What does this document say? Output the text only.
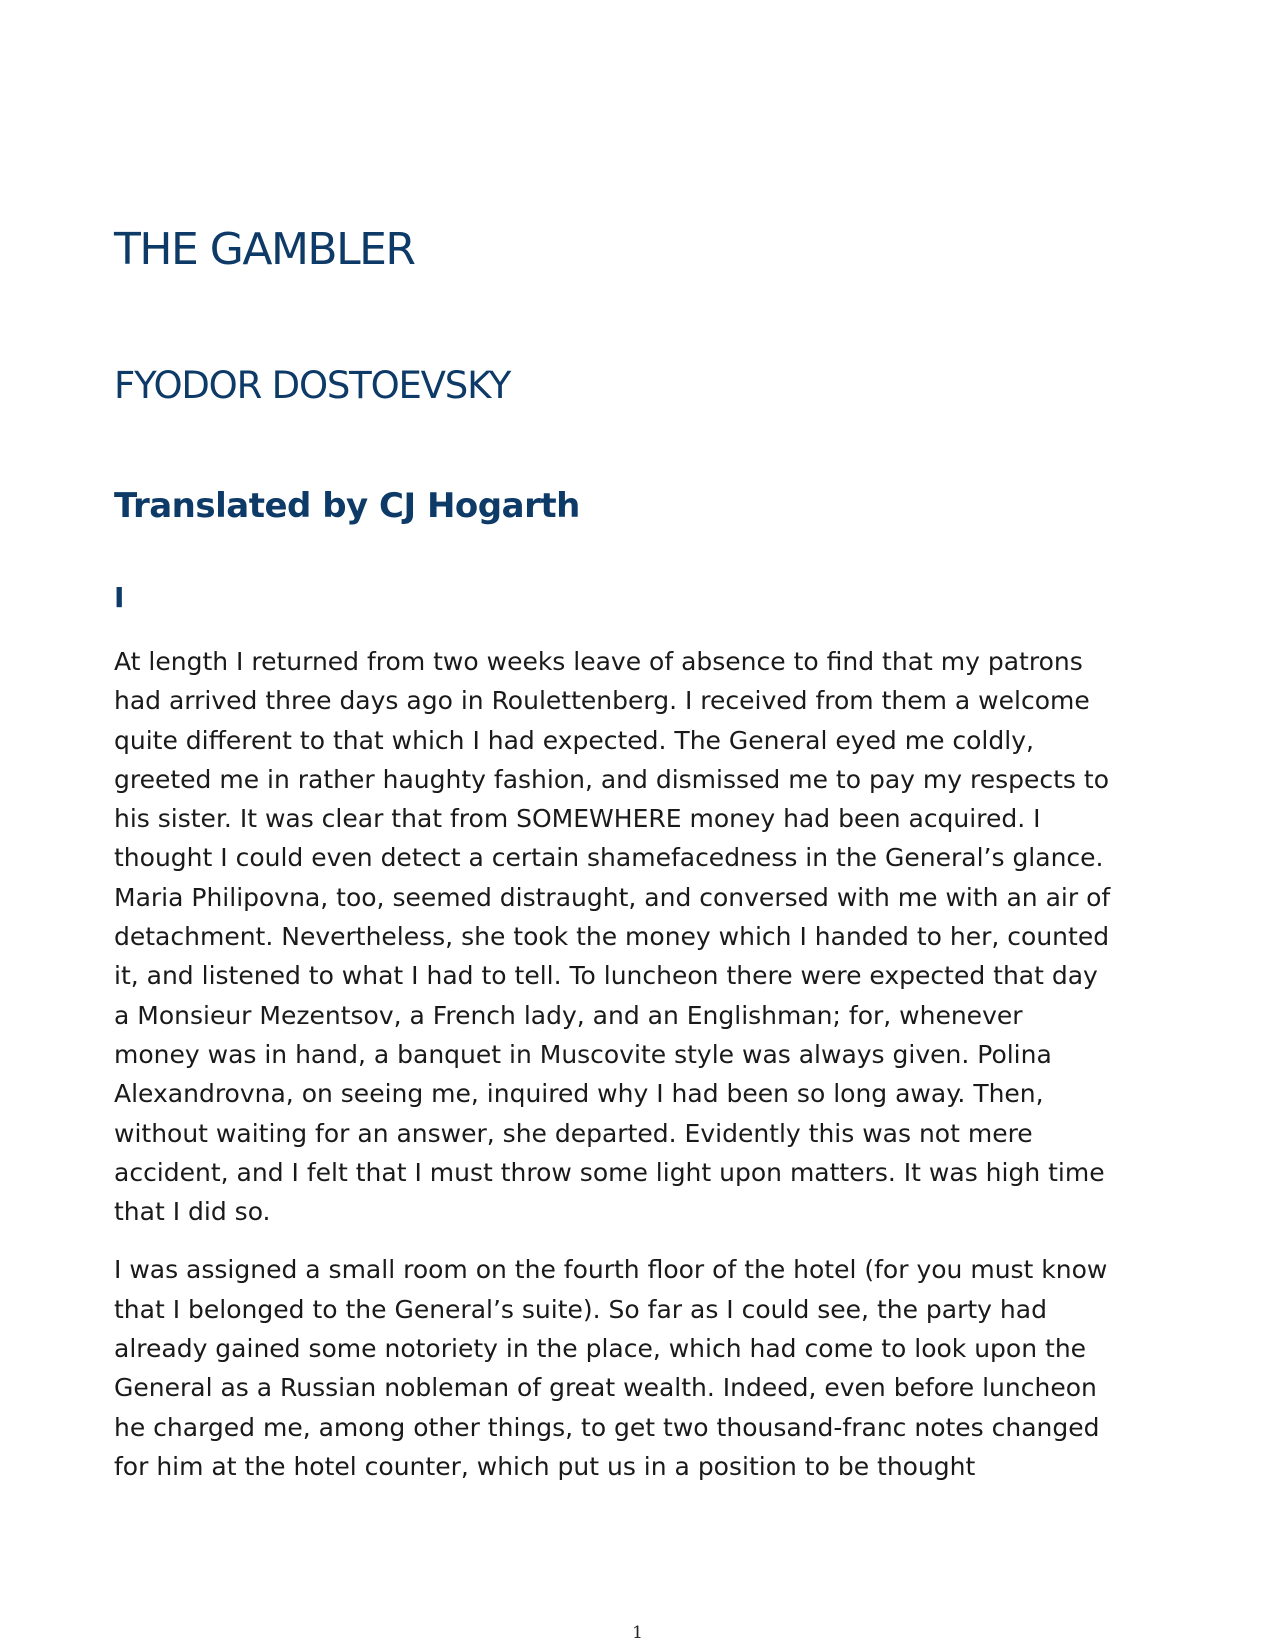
THE GAMBLER
FYODOR DOSTOEVSKY
Translated by CJ Hogarth
I

At length I returned from two weeks leave of absence to find that my patrons
had arrived three days ago in Roulettenberg. I received from them a welcome
quite different to that which I had expected. The General eyed me coldly,
greeted me in rather haughty fashion, and dismissed me to pay my respects to
his sister. It was clear that from SOMEWHERE money had been acquired. I
thought I could even detect a certain shamefacedness in the General’s glance.
Maria Philipovna, too, seemed distraught, and conversed with me with an air of
detachment. Nevertheless, she took the money which I handed to her, counted
it, and listened to what I had to tell. To luncheon there were expected that day
a Monsieur Mezentsov, a French lady, and an Englishman; for, whenever
money was in hand, a banquet in Muscovite style was always given. Polina
Alexandrovna, on seeing me, inquired why I had been so long away. Then,
without waiting for an answer, she departed. Evidently this was not mere
accident, and I felt that I must throw some light upon matters. It was high time
that I did so.

I was assigned a small room on the fourth floor of the hotel (for you must know
that I belonged to the General’s suite). So far as I could see, the party had
already gained some notoriety in the place, which had come to look upon the
General as a Russian nobleman of great wealth. Indeed, even before luncheon
he charged me, among other things, to get two thousand-franc notes changed
for him at the hotel counter, which put us in a position to be thought

1
